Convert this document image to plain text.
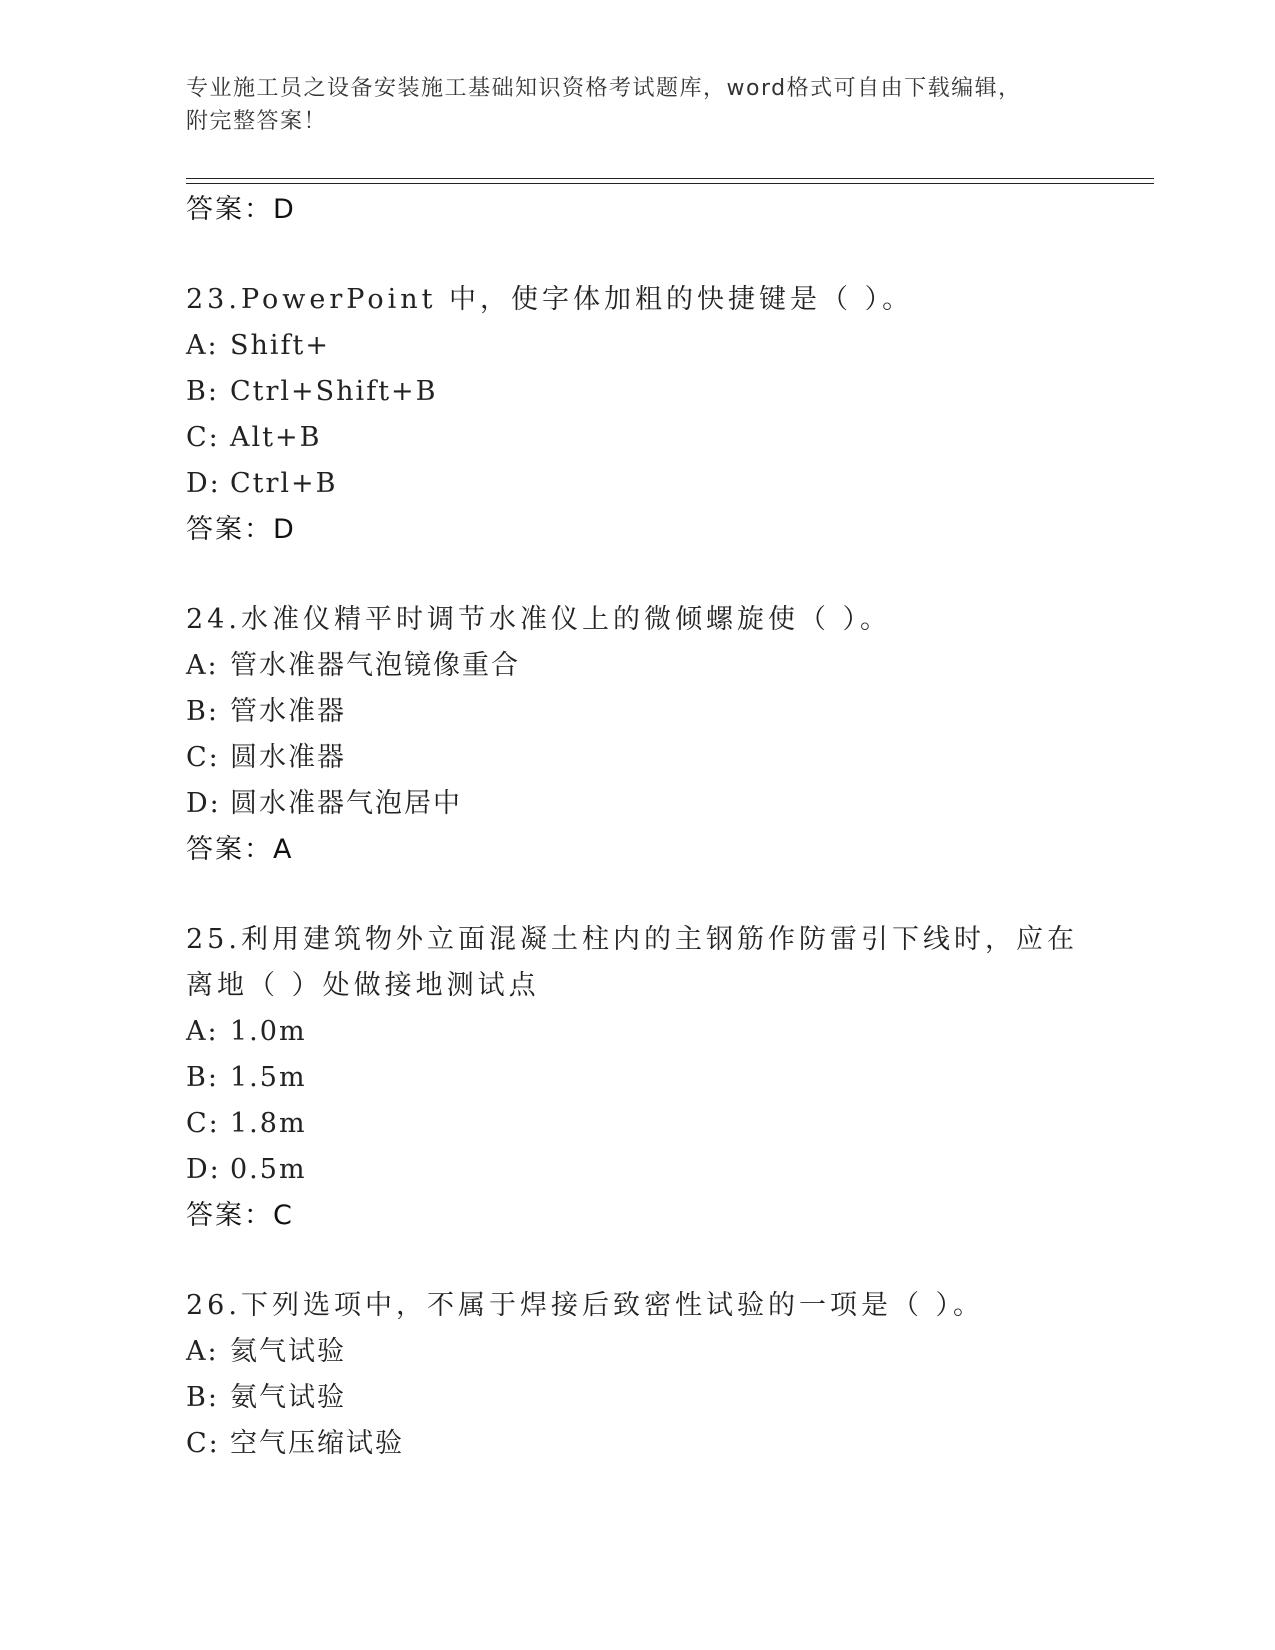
专业施工员之设备安装施工基础知识资格考试题库，word格式可自由下载编辑，
附完整答案！
答案：D
23.PowerPoint 中，使字体加粗的快捷键是（ ）。
A: Shift+
B: Ctrl+Shift+B
C: Alt+B
D: Ctrl+B
答案：D
24.水准仪精平时调节水准仪上的微倾螺旋使（ ）。
A: 管水准器气泡镜像重合
B: 管水准器
C: 圆水准器
D: 圆水准器气泡居中
答案：A
25.利用建筑物外立面混凝土柱内的主钢筋作防雷引下线时，应在离地（ ）处做接地测试点
A: 1.0m
B: 1.5m
C: 1.8m
D: 0.5m
答案：C
26.下列选项中，不属于焊接后致密性试验的一项是（ ）。
A: 氦气试验
B: 氨气试验
C: 空气压缩试验
